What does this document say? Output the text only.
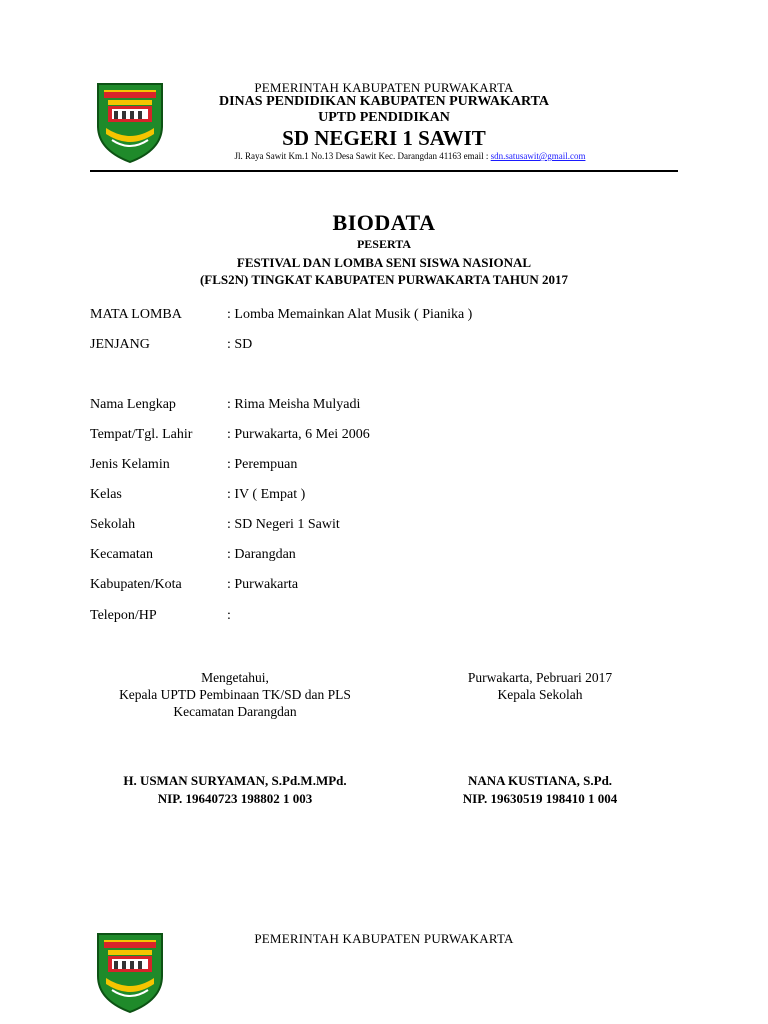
PEMERINTAH KABUPATEN PURWAKARTA
DINAS PENDIDIKAN KABUPATEN PURWAKARTA
UPTD PENDIDIKAN
SD NEGERI 1 SAWIT
Jl. Raya Sawit Km.1 No.13 Desa Sawit Kec. Darangdan 41163 email : sdn.satusawit@gmail.com
BIODATA
PESERTA
FESTIVAL DAN LOMBA SENI SISWA NASIONAL
(FLS2N) TINGKAT KABUPATEN PURWAKARTA TAHUN 2017
MATA LOMBA	: Lomba Memainkan Alat Musik ( Pianika )
JENJANG	: SD
Nama Lengkap	: Rima Meisha Mulyadi
Tempat/Tgl. Lahir : Purwakarta, 6 Mei 2006
Jenis Kelamin	: Perempuan
Kelas	: IV ( Empat )
Sekolah	: SD Negeri 1 Sawit
Kecamatan	: Darangdan
Kabupaten/Kota	: Purwakarta
Telepon/HP	:
Mengetahui,
Kepala UPTD Pembinaan TK/SD dan PLS
Kecamatan Darangdan
Purwakarta, Pebruari 2017
Kepala Sekolah
H. USMAN SURYAMAN, S.Pd.M.MPd.
NIP. 19640723 198802 1 003
NANA KUSTIANA, S.Pd.
NIP. 19630519 198410 1 004
PEMERINTAH KABUPATEN PURWAKARTA
